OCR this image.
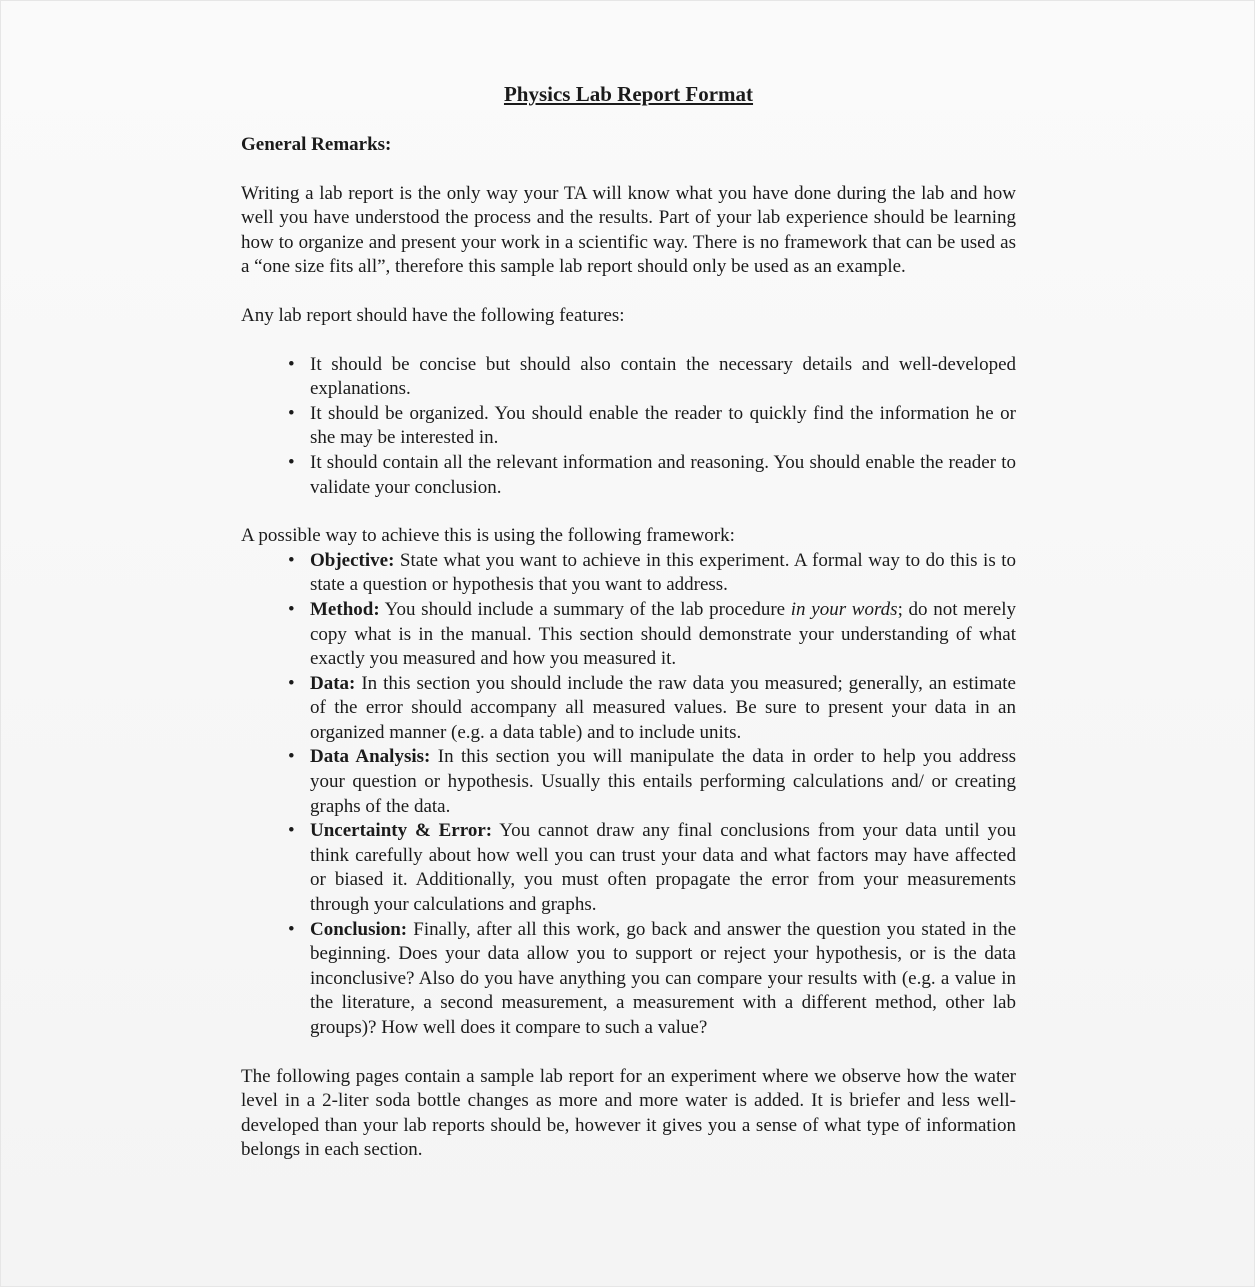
Physics Lab Report Format
General Remarks:

Writing a lab report is the only way your TA will know what you have done during the lab and how well you have understood the process and the results. Part of your lab experience should be learning how to organize and present your work in a scientific way. There is no framework that can be used as a “one size fits all”, therefore this sample lab report should only be used as an example.

Any lab report should have the following features:

• It should be concise but should also contain the necessary details and well-developed explanations.
• It should be organized. You should enable the reader to quickly find the information he or she may be interested in.
• It should contain all the relevant information and reasoning. You should enable the reader to validate your conclusion.

A possible way to achieve this is using the following framework:

• Objective: State what you want to achieve in this experiment. A formal way to do this is to state a question or hypothesis that you want to address.
• Method: You should include a summary of the lab procedure in your words; do not merely copy what is in the manual. This section should demonstrate your understanding of what exactly you measured and how you measured it.
• Data: In this section you should include the raw data you measured; generally, an estimate of the error should accompany all measured values. Be sure to present your data in an organized manner (e.g. a data table) and to include units.
• Data Analysis: In this section you will manipulate the data in order to help you address your question or hypothesis. Usually this entails performing calculations and/ or creating graphs of the data.
• Uncertainty & Error: You cannot draw any final conclusions from your data until you think carefully about how well you can trust your data and what factors may have affected or biased it. Additionally, you must often propagate the error from your measurements through your calculations and graphs.
• Conclusion: Finally, after all this work, go back and answer the question you stated in the beginning. Does your data allow you to support or reject your hypothesis, or is the data inconclusive? Also do you have anything you can compare your results with (e.g. a value in the literature, a second measurement, a measurement with a different method, other lab groups)? How well does it compare to such a value?

The following pages contain a sample lab report for an experiment where we observe how the water level in a 2-liter soda bottle changes as more and more water is added. It is briefer and less well-developed than your lab reports should be, however it gives you a sense of what type of information belongs in each section.
